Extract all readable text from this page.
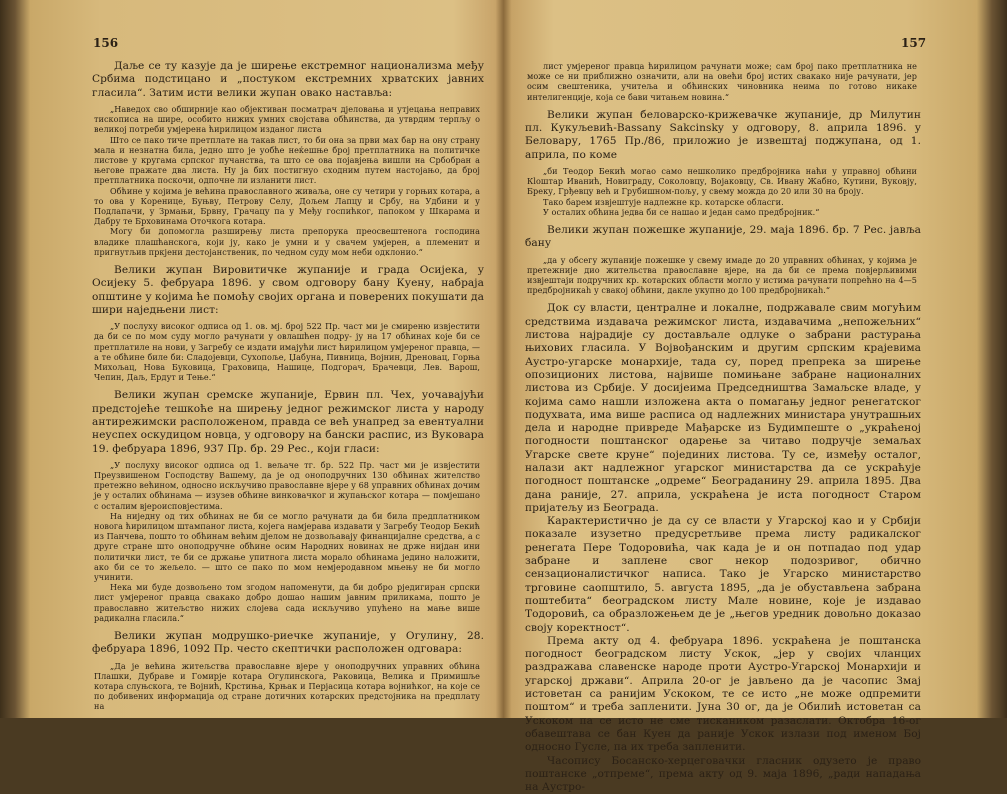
156

Даље се ту казује да је ширење екстремног национализма међу Србима подстицано и „постуком екстремних хрватских јавних гласила“. Затим исти велики жупан овако наставља:

„Наведох сво обширније као објективан посматрач дјеловања и утјецања неправих тискописа на шире, особито нижих умних својстава обћинства, да утврдим терпљу о великој потреби умјерена ћирилицом изданог листа

Што се пако тиче претплате на такав лист, то би она за први мах бар на ону страну мала и незнатна била, једно што је уобће неќешње број претплатника на политичке листове у кругама српског пучанства, та што се ова појавјења вишли на Србобран а његове пражате два листа. Ну ја бих постигнуо сходним путем настојањо, да број претплатника поскочи, одпочне ли изланити лист.

Обћине у којима је већина православного живаља, оне су четири у горњих котара, а то ова у Коренице, Буњву, Петрову Селу, Дољем Лапцу и Србу, на Удбини и у Подлапачи, у Зрмањи, Брвну, Грачацу па у Међу госпићког, папоком у Шкарама и Дабру те Брховинама Оточкога котара.

Могу би допомогла разширењу листа препорука преосвештенога господина владике плашћанскога, који ју, како је умни и у свачем умјерен, а племенит и пригнутљив пркјени дестојанственик, по чедном суду мом неби одклонио.“

Велики жупан Вировитичке жупаније и града Осијека, у Осијеку 5. фебруара 1896. у свом одговору бану Куену, набраја општине у којима ће помоћу својих органа и поверених покушати да шири наједњени лист:

„У послуху високог одписа од 1. ов. мј. број 522 Пр. част ми је смиреню извјестити да би се по мом суду могло рачунати у овлашћен подру- ју на 17 обћинах које би се претплатиле на нови, у Загребу се издати имајући лист ћирилицом умјереног правца, — а те обћине биле би: Сладојевци, Сухопоље, Џабуна, Пивница, Војнин, Дреновац, Горња Михољац, Нова Буковица, Граховица, Нашице, Подгорач, Брачевци, Лев. Варош, Чепин, Даљ, Ердут и Тење.“

Велики жупан сремске жупаније, Ервин пл. Чех, уочавајући предстојеће тешкоће на ширењу једног режимског листа у народу антирежимски расположеном, правда се већ унапред за евентуални неуспех оскудицом новца, у одговору на бански распис, из Вуковара 19. фебруара 1896, 937 Пр. бр. 29 Рес., који гласи:

„У послуху високог одписа од 1. вељаче тг. бр. 522 Пр. част ми је извјестити Преузвишеном Господству Вашему, да је од оноподручних 130 обћинах жителство претежно већином, односно искључиво православне вјере у 68 управних обћинах дочим је у осталих обћинама — изузев обћине винковачког и жупањског котара — помјешано с осталим вјероисповјестима.

На ниједну од тих обћинах не би се могло рачунати да би била предплатником новога ћирилицом штампаног листа, којега намјерава издавати у Загребу Теодор Бекић из Панчева, пошто то обћинам већим дјелом не дозвољавају финанцијалне средства, а с друге стране што оноподручне обћине осим Народних новинах не држе нијдан ини политички лист, те би се држање упитнога листа морало обћинама једино наложити, ако би се то жељело. — што се пако по мом немјеродавном мњењу не би могло учинити.

Нека ми буде дозвољено том згодом напоменути, да би добро рједигиран српски лист умјереног правца свакако добро дошао нашим јавним приликама, пошто је православно житељство нижих слојева сада искључиво упућено на мање више радикална гласила.“

Велики жупан модрушко-риечке жупаније, у Огулину, 28. фебруара 1896, 1092 Пр. често скептички расположен одговара:

„Да је већина житељства православне вјере у оноподручних управних обћина Плашки, Дубраве и Гомирје котара Огулинскога, Раковица, Велика и Примишље котара слуњскога, те Војнић, Крстиња, Крњак и Перјасица котара војнићког, на које се по добивених информација од стране дотичних котарских предстојника на предплату на

157

лист умјереног правца ћирилицом рачунати може; сам број пако претплатника не може се ни приближно означити, али на овећи број истих свакако није рачунати, јер осим свештеника, учитеља и обћинских чиновника неима по готово никаке интелигенције, која се бави читањем новина.“

Велики жупан беловарско-крижевачке жупаније, др Милутин пл. Кукуљевић-Bassany Sakcinsky у одговору, 8. априла 1896. у Беловару, 1765 Пр./86, приложио је извештај поджупана, од 1. априла, по коме

„би Теодор Бекић могао само нешколико предбројника наћи у управној обћини Кloштар Иванић, Новиграду, Соколовцу, Војаковцу, Св. Ивану Жабно, Кутини, Вуковју, Бреку, Грђевцу већ и Грубишном-пољу, у свему можда до 20 или 30 на броју.

Тако барем извјештује надлежне кр. котарске обласги.

У осталих обћина једва би се нашао и један само предбројник.“

Велики жупан пожешке жупаније, 29. маја 1896. бр. 7 Рес. јавља бану

„да у обсегу жупаније пожешке у свему имаде до 20 управних обћинах, у којима је претежније дио жительства православне вјере, на да би се према повјерљивими извјештаји подручних кр. котарских области могло у истима рачунати попрећно на 4—5 предбројникаh у свакој обћини, дакле укупно до 100 предбројникаh.“

Док су власти, централне и локалне, подржавале свим могућим средствима издавача режимског листа, издавачима „непожељних“ листова најрадије су достављале одлуке о забрани растурања њихових гласила. У Војвођанским и другим српским крајевима Аустро-угарске монархије, тада су, поред препрека за ширење опозиционих листова, највише помињане забране националних листова из Србије. У досијеима Председништва Замаљске владе, у којима само нашли изложена акта о помагању једног ренегатског подухвата, има више расписа од надлежних министара унутрашњих дела и народне привреде Мађарске из Будимпеште о „украћеној погодности поштанског одарење за читаво подручје земаљах Угарске свете круне“ појединих листова. Ту се, између осталог, налази акт надлежног угарског министарства да се ускраћује погодност поштанске „одреме“ Београданину 29. априла 1895. Два дана раније, 27. априла, ускраћена је иста погодност Старом пријатељу из Београда.

Карактеристично је да су се власти у Угарској као и у Србији показале изузетно предусретљиве према листу радикалског ренегата Пере Тодоровића, чак када је и он потпадао под удар забране и заплене свог некор подозривог, обично сензационалистичког написа. Тако је Угарско министарство трговине саопштило, 5. августа 1895, „да је обустављена забрана поштебита“ београдском листу Мале новине, које је издавао Тодоровић, са образложењем де је „његов уредник довољно доказао своју коректност“.

Према акту од 4. фебруара 1896. ускраћена је поштанска погодност београдском листу Ускок, „јер у својих чланцих раздражава славенске народе проти Аустро-Угарској Монархији и угарској држави“. Априла 20-ог је јављено да је часопис Змај истоветан са ранијим Ускоком, те се исто „не може одпремити поштом“ и треба запленити. Јуна 30 ог, да је Обилић истоветан са Ускоком па се исто не сме тискаником разаслати. Октобра 16-ог обавештава се бан Куен да раније Ускок излази под именом Бој односно Гусле, па их треба запленити.

Часопису Босанско-херцеговачки гласник одузето је право поштанске „отпреме“, према акту од 9. маја 1896, „ради нападања на Аустро-
